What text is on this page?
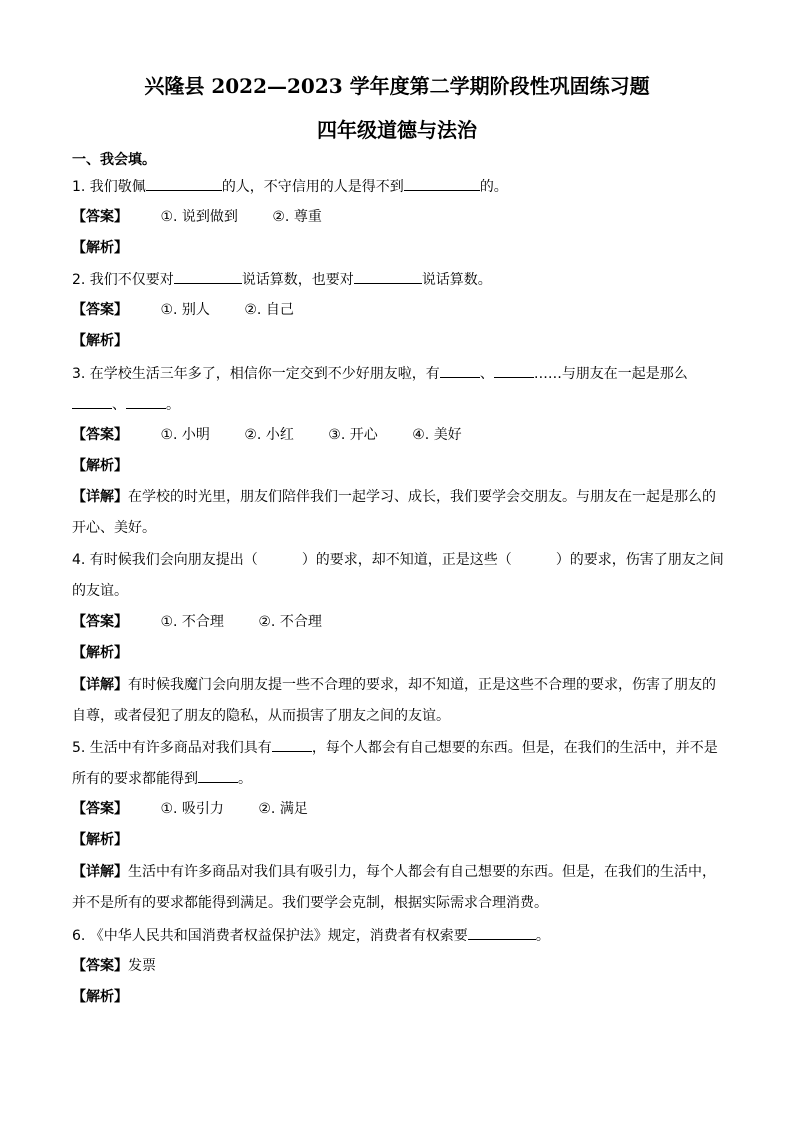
兴隆县 2022—2023 学年度第二学期阶段性巩固练习题
四年级道德与法治
一、我会填。
1. 我们敬佩	的人，不守信用的人是得不到	的。
【答案】 ①. 说到做到 ②. 尊重
【解析】
2. 我们不仅要对	说话算数，也要对	说话算数。
【答案】 ①. 别人 ②. 自己
【解析】
3. 在学校生活三年多了，相信你一定交到不少好朋友啦，有	、	……与朋友在一起是那么
、	。
【答案】 ①. 小明 ②. 小红 ③. 开心 ④. 美好
【解析】
【详解】在学校的时光里，朋友们陪伴我们一起学习、成长，我们要学会交朋友。与朋友在一起是那么的
开心、美好。
4. 有时候我们会向朋友提出（	）的要求，却不知道，正是这些（	）的要求，伤害了朋友之间
的友谊。
【答案】 ①. 不合理 ②. 不合理
【解析】
【详解】有时候我魔门会向朋友提一些不合理的要求，却不知道，正是这些不合理的要求，伤害了朋友的
自尊，或者侵犯了朋友的隐私，从而损害了朋友之间的友谊。
5. 生活中有许多商品对我们具有	，每个人都会有自己想要的东西。但是，在我们的生活中，并不是
所有的要求都能得到	。
【答案】 ①. 吸引力 ②. 满足
【解析】
【详解】生活中有许多商品对我们具有吸引力，每个人都会有自己想要的东西。但是，在我们的生活中，
并不是所有的要求都能得到满足。我们要学会克制，根据实际需求合理消费。
6. 《中华人民共和国消费者权益保护法》规定，消费者有权索要	。
【答案】发票
【解析】
